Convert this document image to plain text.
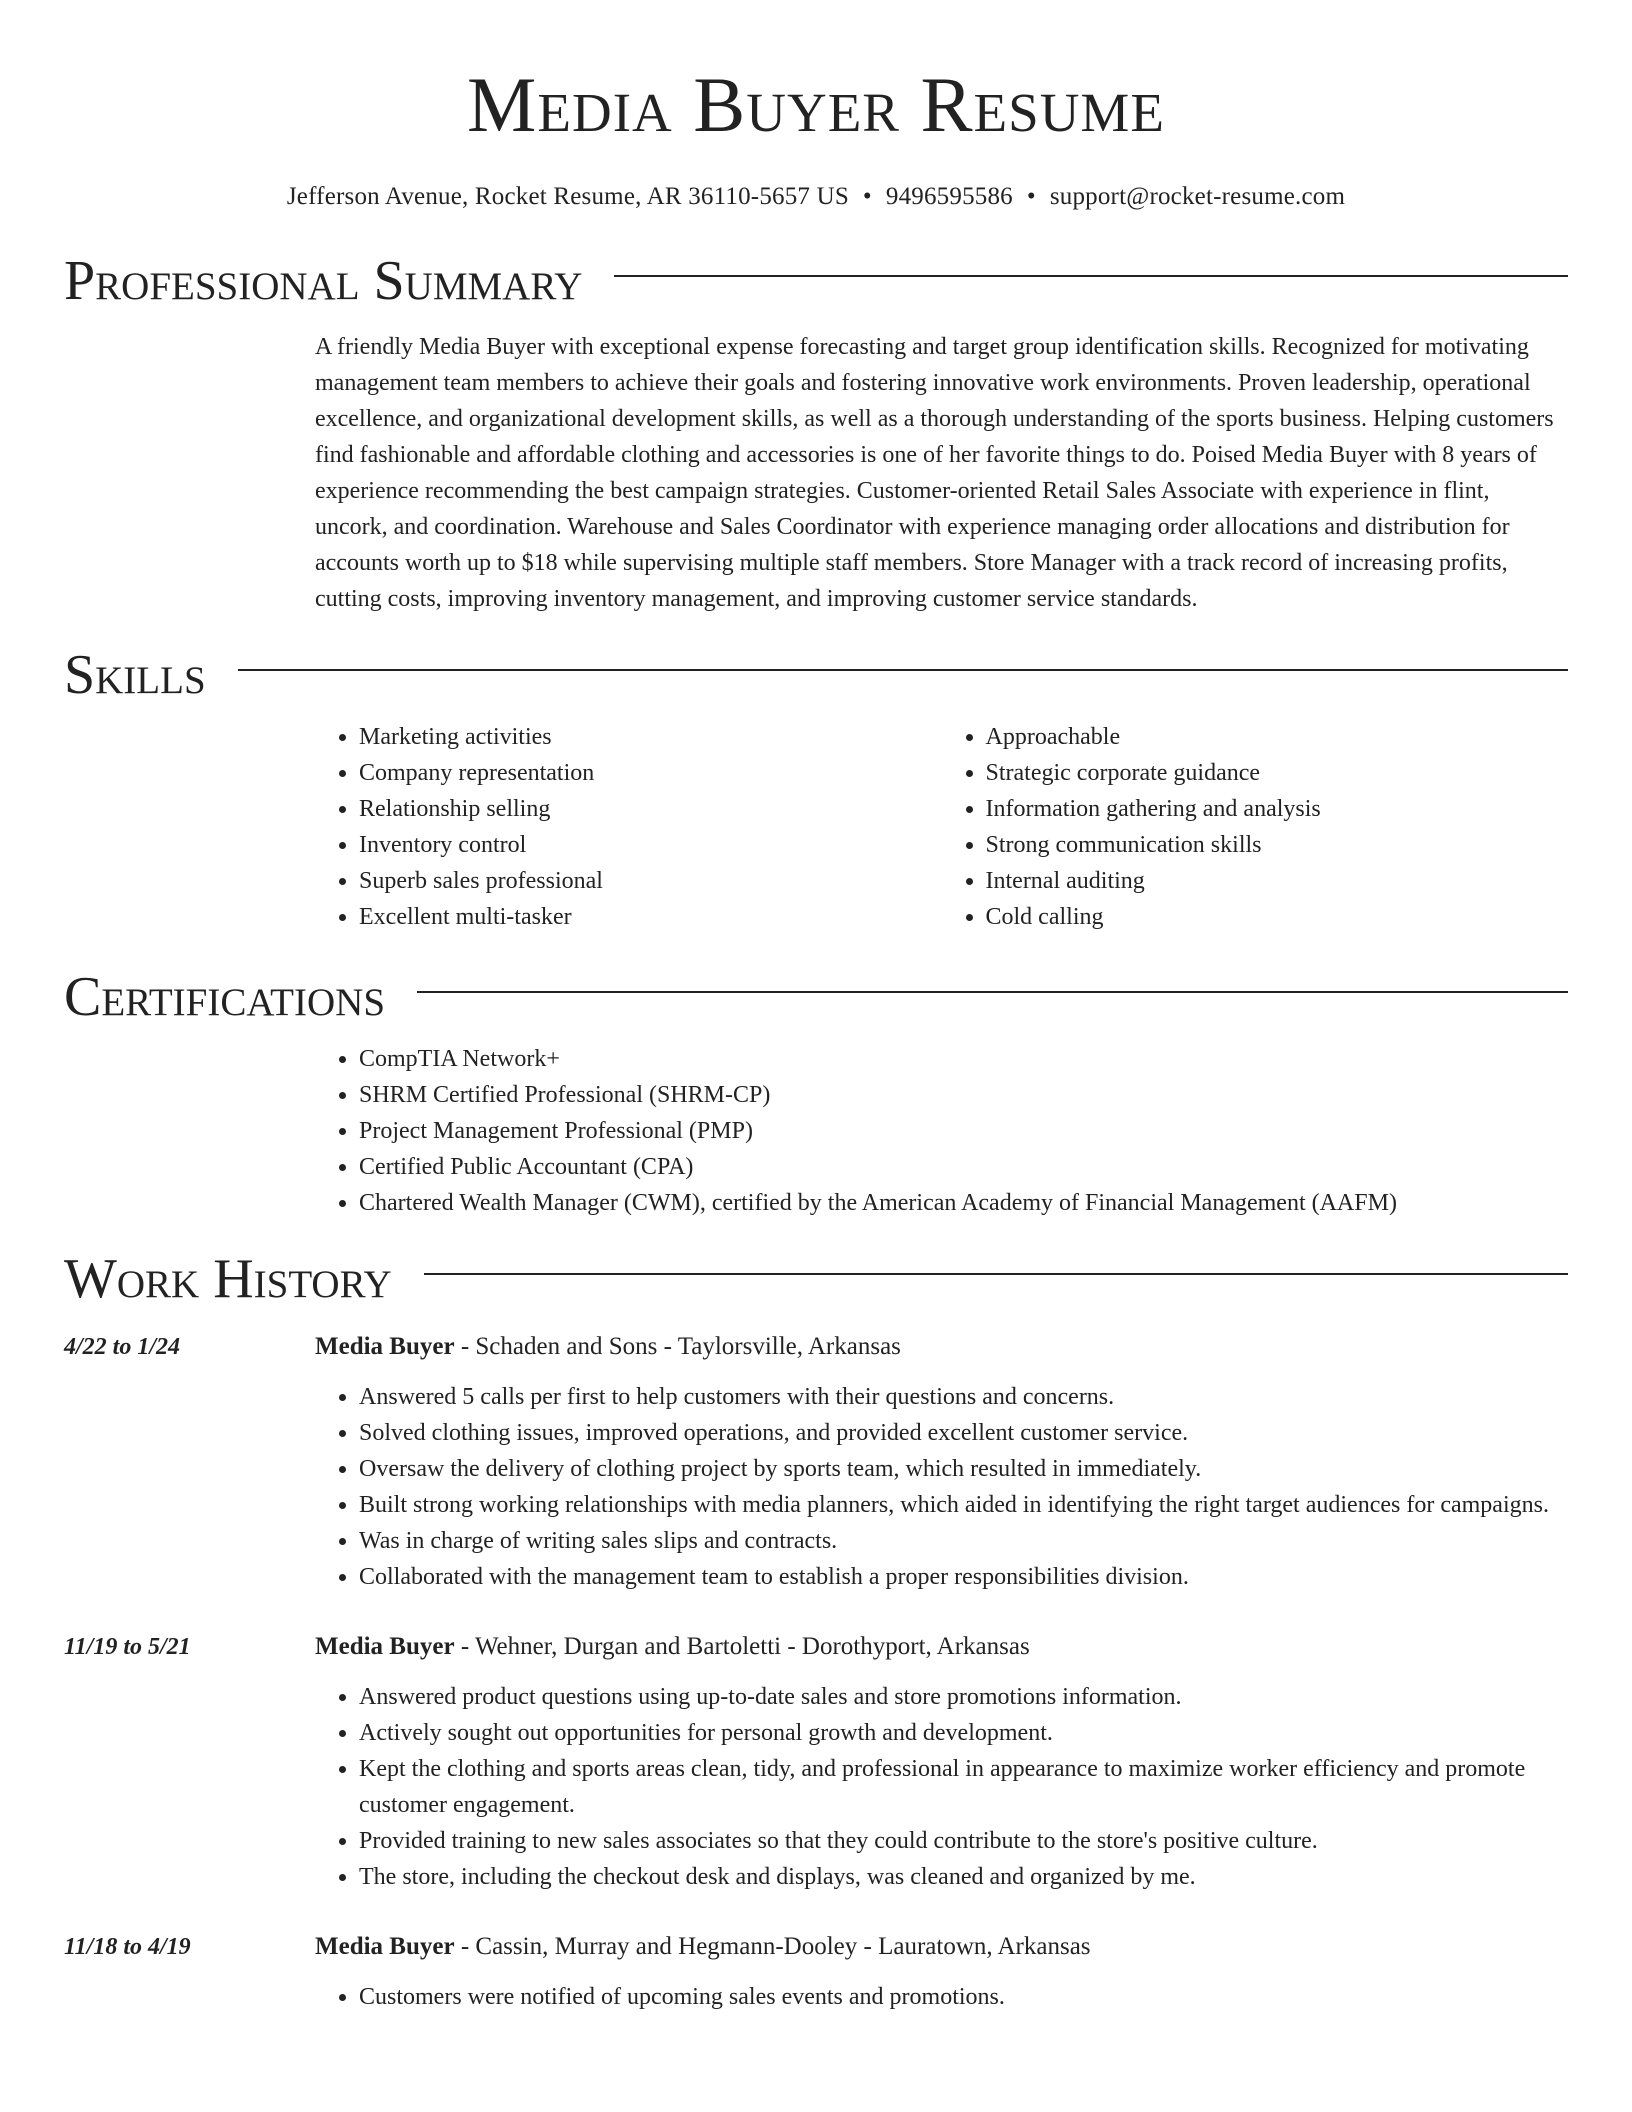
Media Buyer Resume
Jefferson Avenue, Rocket Resume, AR 36110-5657 US • 9496595586 • support@rocket-resume.com
Professional Summary

A friendly Media Buyer with exceptional expense forecasting and target group identification skills. Recognized for motivating management team members to achieve their goals and fostering innovative work environments. Proven leadership, operational excellence, and organizational development skills, as well as a thorough understanding of the sports business. Helping customers find fashionable and affordable clothing and accessories is one of her favorite things to do. Poised Media Buyer with 8 years of experience recommending the best campaign strategies. Customer-oriented Retail Sales Associate with experience in flint, uncork, and coordination. Warehouse and Sales Coordinator with experience managing order allocations and distribution for accounts worth up to $18 while supervising multiple staff members. Store Manager with a track record of increasing profits, cutting costs, improving inventory management, and improving customer service standards.

Skills
• Marketing activities
• Company representation
• Relationship selling
• Inventory control
• Superb sales professional
• Excellent multi-tasker
• Approachable
• Strategic corporate guidance
• Information gathering and analysis
• Strong communication skills
• Internal auditing
• Cold calling
Certifications
• CompTIA Network+
• SHRM Certified Professional (SHRM-CP)
• Project Management Professional (PMP)
• Certified Public Accountant (CPA)
• Chartered Wealth Manager (CWM), certified by the American Academy of Financial Management (AAFM)
Work History
4/22 to 1/24	Media Buyer - Schaden and Sons - Taylorsville, Arkansas
• Answered 5 calls per first to help customers with their questions and concerns.
• Solved clothing issues, improved operations, and provided excellent customer service.
• Oversaw the delivery of clothing project by sports team, which resulted in immediately.
• Built strong working relationships with media planners, which aided in identifying the right target audiences for campaigns.
• Was in charge of writing sales slips and contracts.
• Collaborated with the management team to establish a proper responsibilities division.
11/19 to 5/21	Media Buyer - Wehner, Durgan and Bartoletti - Dorothyport, Arkansas
• Answered product questions using up-to-date sales and store promotions information.
• Actively sought out opportunities for personal growth and development.
• Kept the clothing and sports areas clean, tidy, and professional in appearance to maximize worker efficiency and promote customer engagement.
• Provided training to new sales associates so that they could contribute to the store's positive culture.
• The store, including the checkout desk and displays, was cleaned and organized by me.
11/18 to 4/19	Media Buyer - Cassin, Murray and Hegmann-Dooley - Lauratown, Arkansas
• Customers were notified of upcoming sales events and promotions.
